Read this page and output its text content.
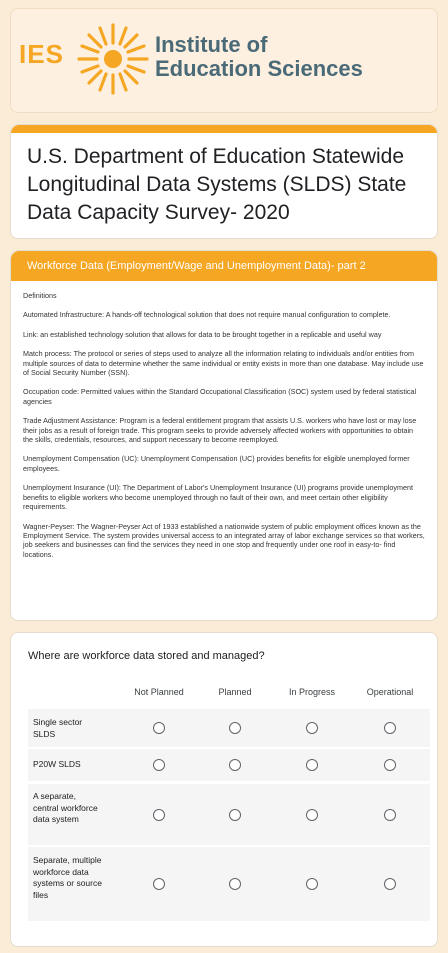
IES	Institute of
Education Sciences
U.S. Department of Education Statewide Longitudinal Data Systems (SLDS) State Data Capacity Survey- 2020
Workforce Data (Employment/Wage and Unemployment Data)- part 2

Definitions

Automated Infrastructure: A hands-off technological solution that does not require manual configuration to complete.

Link: an established technology solution that allows for data to be brought together in a replicable and useful way

Match process: The protocol or series of steps used to analyze all the information relating to individuals and/or entities from multiple sources of data to determine whether the same individual or entity exists in more than one database. May include use of Social Security Number (SSN).

Occupation code: Permitted values within the Standard Occupational Classification (SOC) system used by federal statistical agencies

Trade Adjustment Assistance: Program is a federal entitlement program that assists U.S. workers who have lost or may lose their jobs as a result of foreign trade. This program seeks to provide adversely affected workers with opportunities to obtain the skills, credentials, resources, and support necessary to become reemployed.

Unemployment Compensation (UC): Unemployment Compensation (UC) provides benefits for eligible unemployed former employees.

Unemployment Insurance (UI): The Department of Labor's Unemployment Insurance (UI) programs provide unemployment benefits to eligible workers who become unemployed through no fault of their own, and meet certain other eligibility requirements.

Wagner-Peyser: The Wagner-Peyser Act of 1933 established a nationwide system of public employment offices known as the Employment Service. The system provides universal access to an integrated array of labor exchange services so that workers, job seekers and businesses can find the services they need in one stop and frequently under one roof in easy-to- find locations.

Where are workforce data stored and managed?
Not Planned	Planned	In Progress	Operational
Single sector SLDS
P20W SLDS
A separate, central workforce data system
Separate, multiple workforce data systems or source files
